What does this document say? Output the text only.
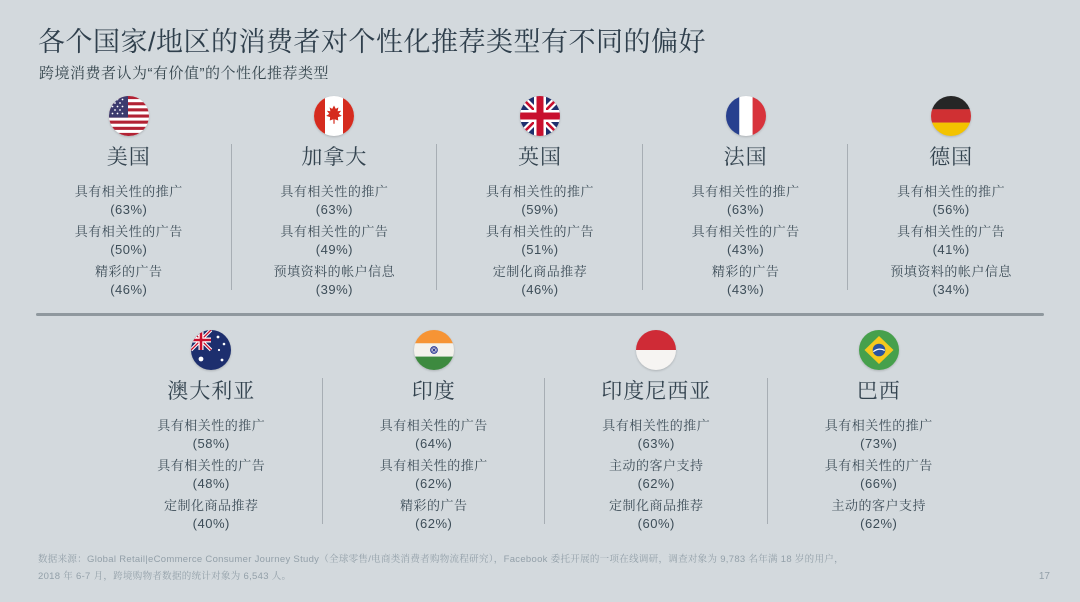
各个国家/地区的消费者对个性化推荐类型有不同的偏好
跨境消费者认为“有价值”的个性化推荐类型
美国
具有相关性的推广
(63%)
具有相关性的广告
(50%)
精彩的广告
(46%)
加拿大
具有相关性的推广
(63%)
具有相关性的广告
(49%)
预填资料的帐户信息
(39%)
英国
具有相关性的推广
(59%)
具有相关性的广告
(51%)
定制化商品推荐
(46%)
法国
具有相关性的推广
(63%)
具有相关性的广告
(43%)
精彩的广告
(43%)
德国
具有相关性的推广
(56%)
具有相关性的广告
(41%)
预填资料的帐户信息
(34%)
澳大利亚
具有相关性的推广
(58%)
具有相关性的广告
(48%)
定制化商品推荐
(40%)
印度
具有相关性的广告
(64%)
具有相关性的推广
(62%)
精彩的广告
(62%)
印度尼西亚
具有相关性的推广
(63%)
主动的客户支持
(62%)
定制化商品推荐
(60%)
巴西
具有相关性的推广
(73%)
具有相关性的广告
(66%)
主动的客户支持
(62%)
数据来源：Global Retail|eCommerce Consumer Journey Study（全球零售/电商类消费者购物流程研究），Facebook 委托开展的一项在线调研，调查对象为 9,783 名年满 18 岁的用户，
2018 年 6-7 月，跨境购物者数据的统计对象为 6,543 人。	17
